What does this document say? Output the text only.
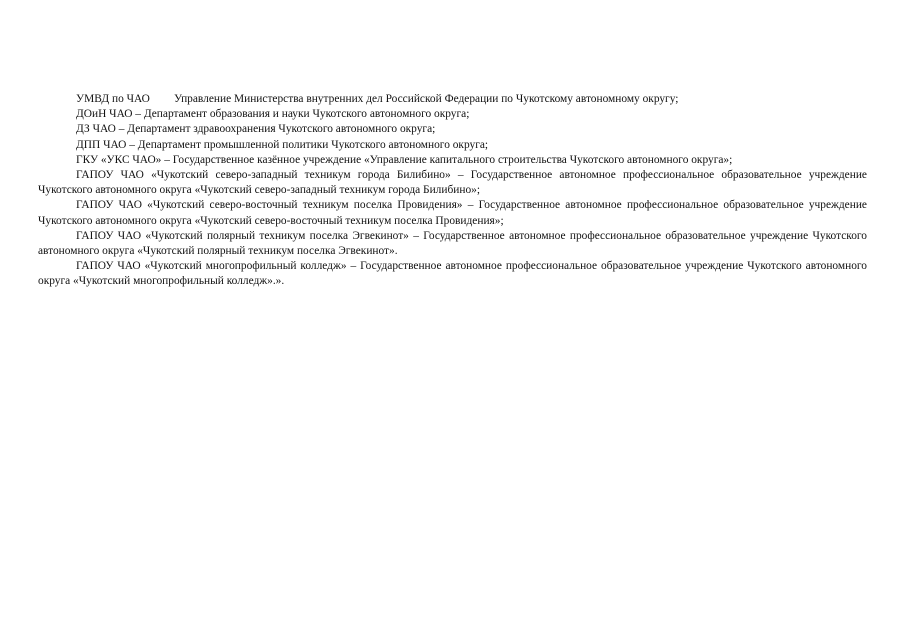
УМВД по ЧАО Управление Министерства внутренних дел Российской Федерации по Чукотскому автономному округу;

ДОиН ЧАО – Департамент образования и науки Чукотского автономного округа;

ДЗ ЧАО – Департамент здравоохранения Чукотского автономного округа;

ДПП ЧАО – Департамент промышленной политики Чукотского автономного округа;

ГКУ «УКС ЧАО» – Государственное казённое учреждение «Управление капитального строительства Чукотского автономного округа»;

ГАПОУ ЧАО «Чукотский северо-западный техникум города Билибино» – Государственное автономное профессиональное образовательное учреждение Чукотского автономного округа «Чукотский северо-западный техникум города Билибино»;

ГАПОУ ЧАО «Чукотский северо-восточный техникум поселка Провидения» – Государственное автономное профессиональное образовательное учреждение Чукотского автономного округа «Чукотский северо-восточный техникум поселка Провидения»;

ГАПОУ ЧАО «Чукотский полярный техникум поселка Эгвекинот» – Государственное автономное профессиональное образовательное учреждение Чукотского автономного округа «Чукотский полярный техникум поселка Эгвекинот».

ГАПОУ ЧАО «Чукотский многопрофильный колледж» – Государственное автономное профессиональное образовательное учреждение Чукотского автономного округа «Чукотский многопрофильный колледж».».
